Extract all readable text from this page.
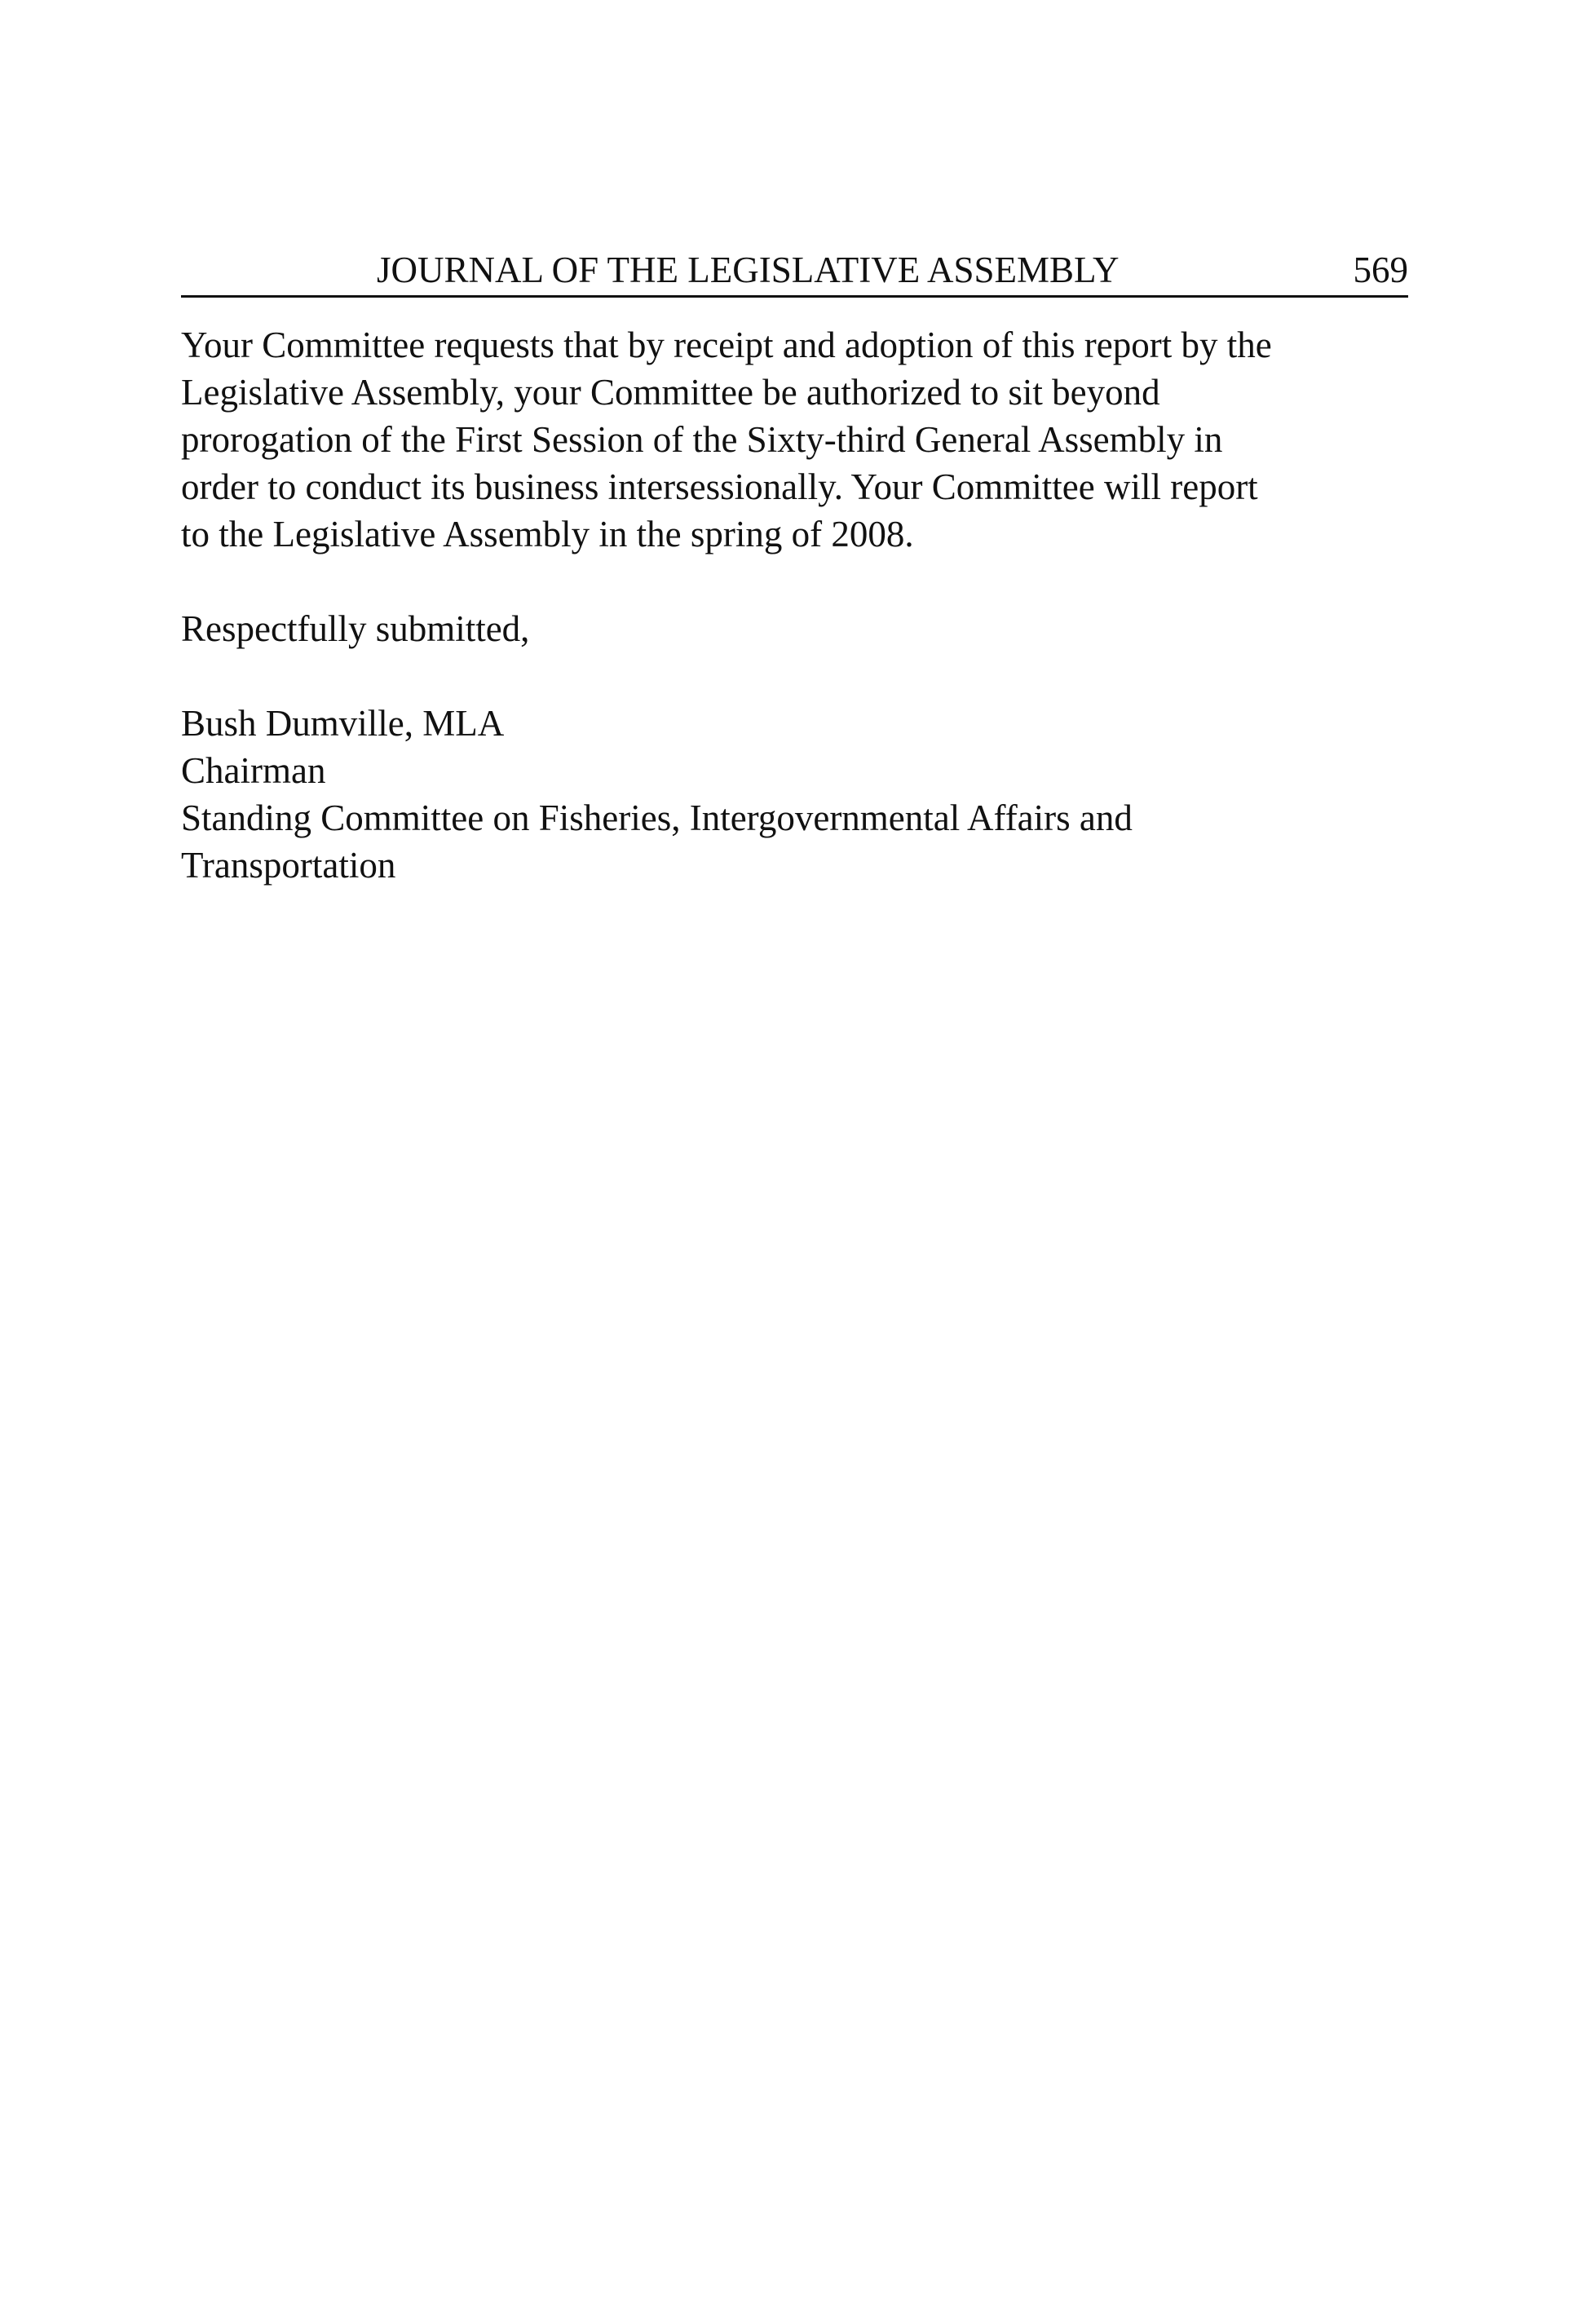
JOURNAL OF THE LEGISLATIVE ASSEMBLY	569

Your Committee requests that by receipt and adoption of this report by the
Legislative Assembly, your Committee be authorized to sit beyond
prorogation of the First Session of the Sixty-third General Assembly in
order to conduct its business intersessionally. Your Committee will report
to the Legislative Assembly in the spring of 2008.

Respectfully submitted,
Bush Dumville, MLA
Chairman
Standing Committee on Fisheries, Intergovernmental Affairs and
Transportation
